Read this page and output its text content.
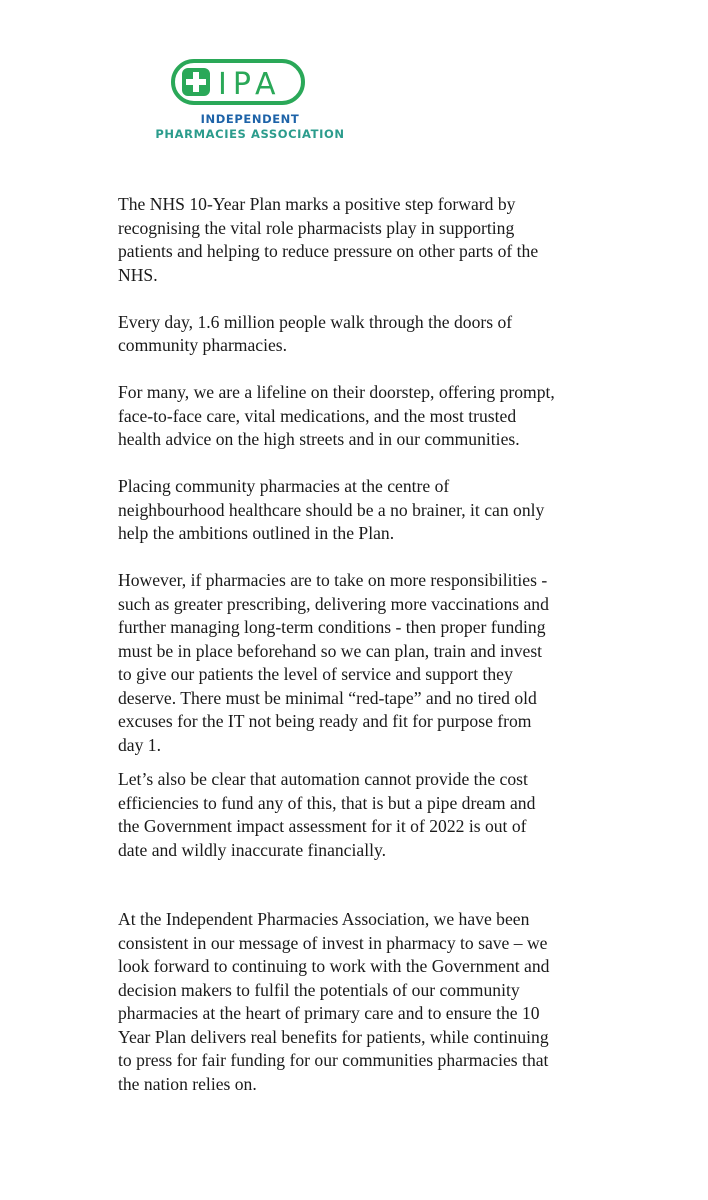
IPA
INDEPENDENT
PHARMACIES ASSOCIATION

The NHS 10-Year Plan marks a positive step forward by recognising the vital role pharmacists play in supporting patients and helping to reduce pressure on other parts of the NHS.

Every day, 1.6 million people walk through the doors of community pharmacies.

For many, we are a lifeline on their doorstep, offering prompt, face-to-face care, vital medications, and the most trusted health advice on the high streets and in our communities.

Placing community pharmacies at the centre of neighbourhood healthcare should be a no brainer, it can only help the ambitions outlined in the Plan.

However, if pharmacies are to take on more responsibilities - such as greater prescribing, delivering more vaccinations and further managing long-term conditions - then proper funding must be in place beforehand so we can plan, train and invest to give our patients the level of service and support they deserve. There must be minimal “red-tape” and no tired old excuses for the IT not being ready and fit for purpose from day 1.

Let’s also be clear that automation cannot provide the cost efficiencies to fund any of this, that is but a pipe dream and the Government impact assessment for it of 2022 is out of date and wildly inaccurate financially.

At the Independent Pharmacies Association, we have been consistent in our message of invest in pharmacy to save – we look forward to continuing to work with the Government and decision makers to fulfil the potentials of our community pharmacies at the heart of primary care and to ensure the 10 Year Plan delivers real benefits for patients, while continuing to press for fair funding for our communities pharmacies that the nation relies on.
